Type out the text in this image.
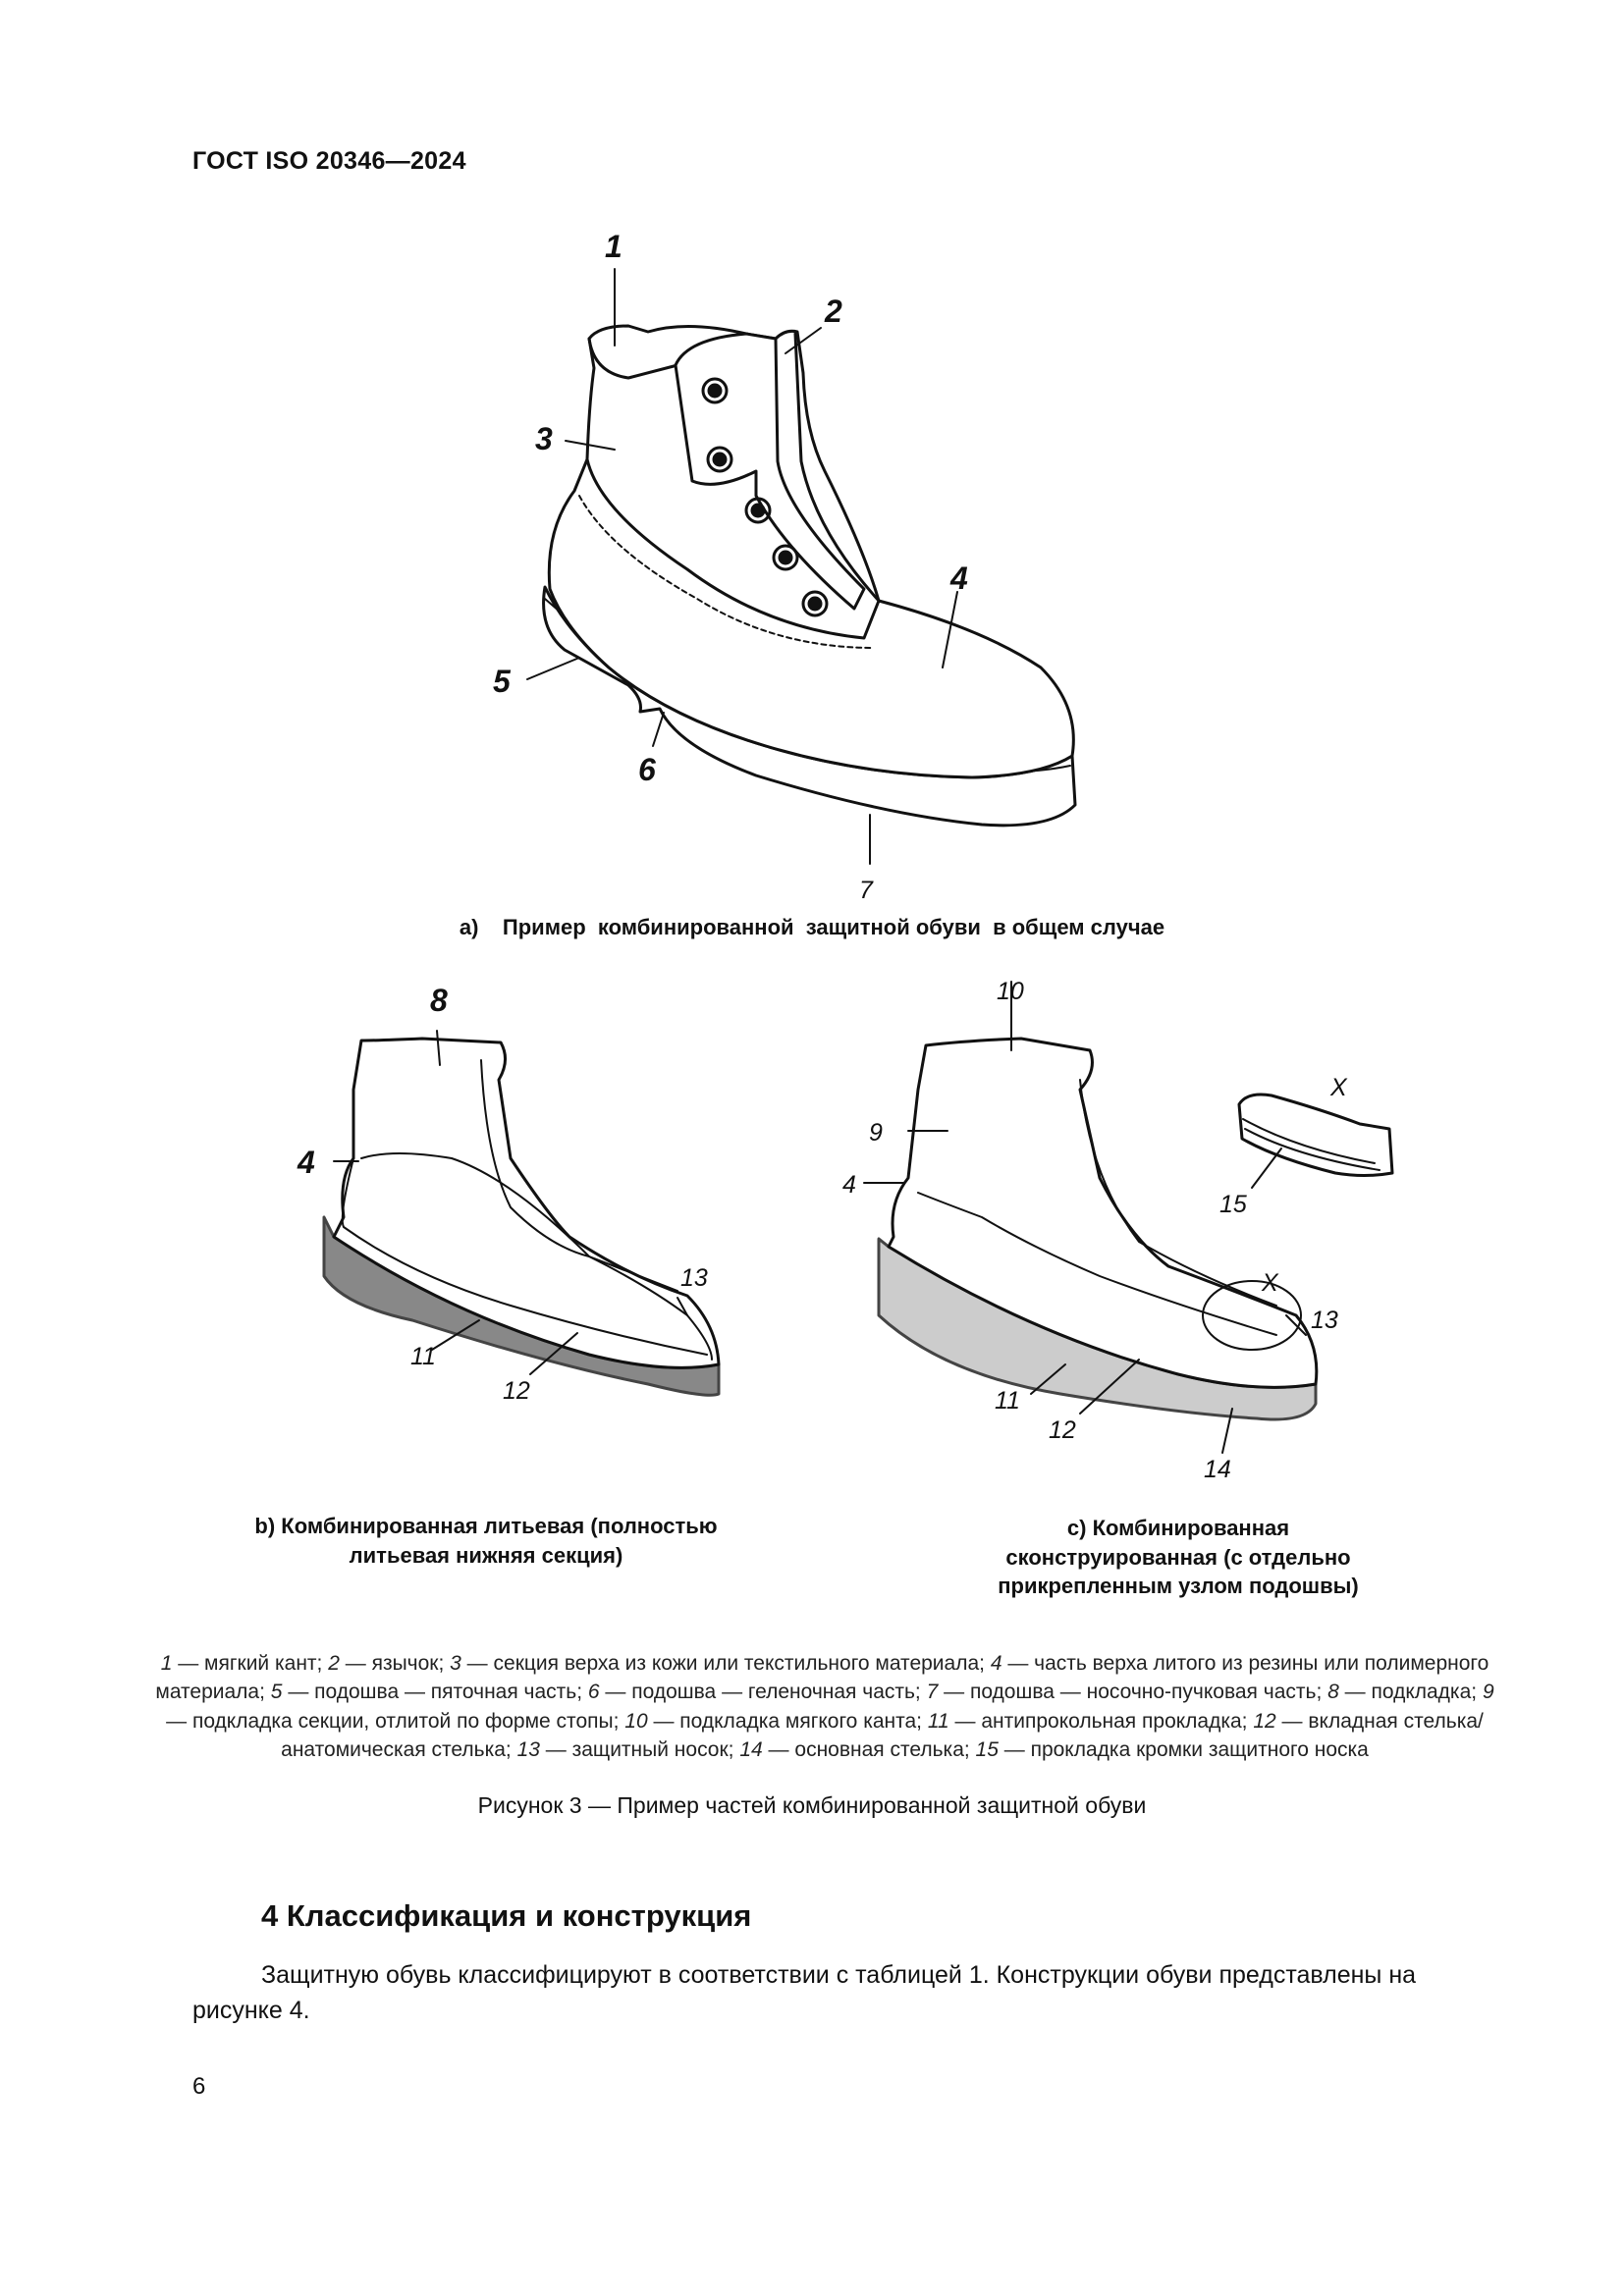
ГОСТ ISO 20346—2024
1
2
3
4
5
6
7
8
4
13
11
12
10
9
4
X
X
15
13
11
12
14
a)    Пример  комбинированной  защитной обуви  в общем случае
b) Комбинированная литьевая (полностью
литьевая нижняя секция)
c) Комбинированная
сконструированная (с отдельно
прикрепленным узлом подошвы)
1 — мягкий кант; 2 — язычок; 3 — секция верха из кожи или текстильного материала; 4 — часть верха литого из резины или полимерного материала; 5 — подошва — пяточная часть; 6 — подошва — геленочная часть; 7 — подошва — носочно-пучковая часть; 8 — подкладка; 9 — подкладка секции, отлитой по форме стопы; 10 — подкладка мягкого канта; 11 — антипрокольная прокладка; 12 — вкладная стелька/анатомическая стелька; 13 — защитный носок; 14 — основная стелька; 15 — прокладка кромки защитного носка
Рисунок 3 — Пример частей комбинированной защитной обуви
4 Классификация и конструкция
Защитную обувь классифицируют в соответствии с таблицей 1. Конструкции обуви представлены на рисунке 4.
6
